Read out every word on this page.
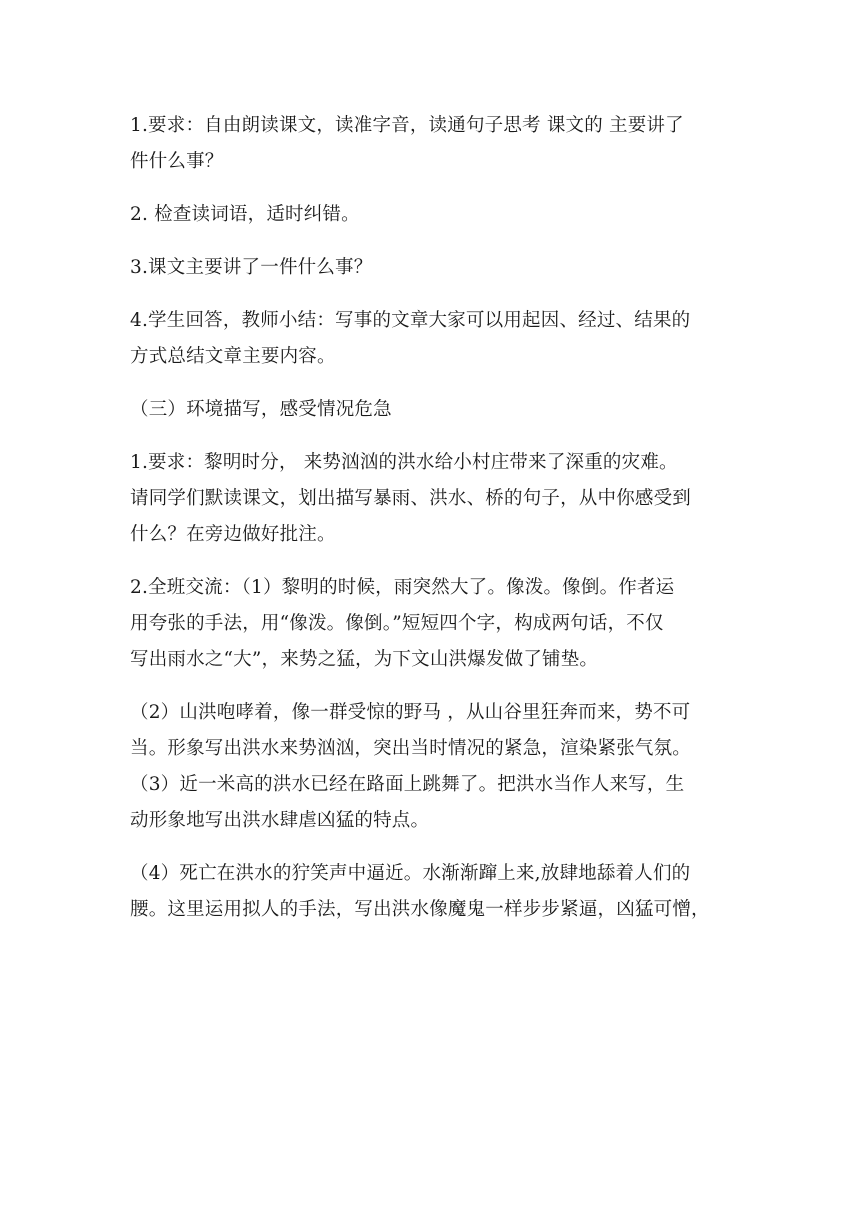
1.要求：自由朗读课文，读准字音，读通句子思考 课文的 主要讲了
件什么事？
2. 检查读词语，适时纠错。
3.课文主要讲了一件什么事？
4.学生回答，教师小结：写事的文章大家可以用起因、经过、结果的
方式总结文章主要内容。
（三）环境描写，感受情况危急
1.要求：黎明时分， 来势汹汹的洪水给小村庄带来了深重的灾难。
请同学们默读课文，划出描写暴雨、洪水、桥的句子，从中你感受到
什么？在旁边做好批注。
2.全班交流：（1）黎明的时候，雨突然大了。像泼。像倒。作者运
用夸张的手法，用“像泼。像倒。”短短四个字，构成两句话，不仅
写出雨水之“大”，来势之猛，为下文山洪爆发做了铺垫。
（2）山洪咆哮着，像一群受惊的野马 ，从山谷里狂奔而来，势不可
当。形象写出洪水来势汹汹，突出当时情况的紧急，渲染紧张气氛。
（3）近一米高的洪水已经在路面上跳舞了。把洪水当作人来写，生
动形象地写出洪水肆虐凶猛的特点。
（4）死亡在洪水的狞笑声中逼近。水渐渐蹿上来,放肆地舔着人们的
腰。这里运用拟人的手法，写出洪水像魔鬼一样步步紧逼，凶猛可憎，
